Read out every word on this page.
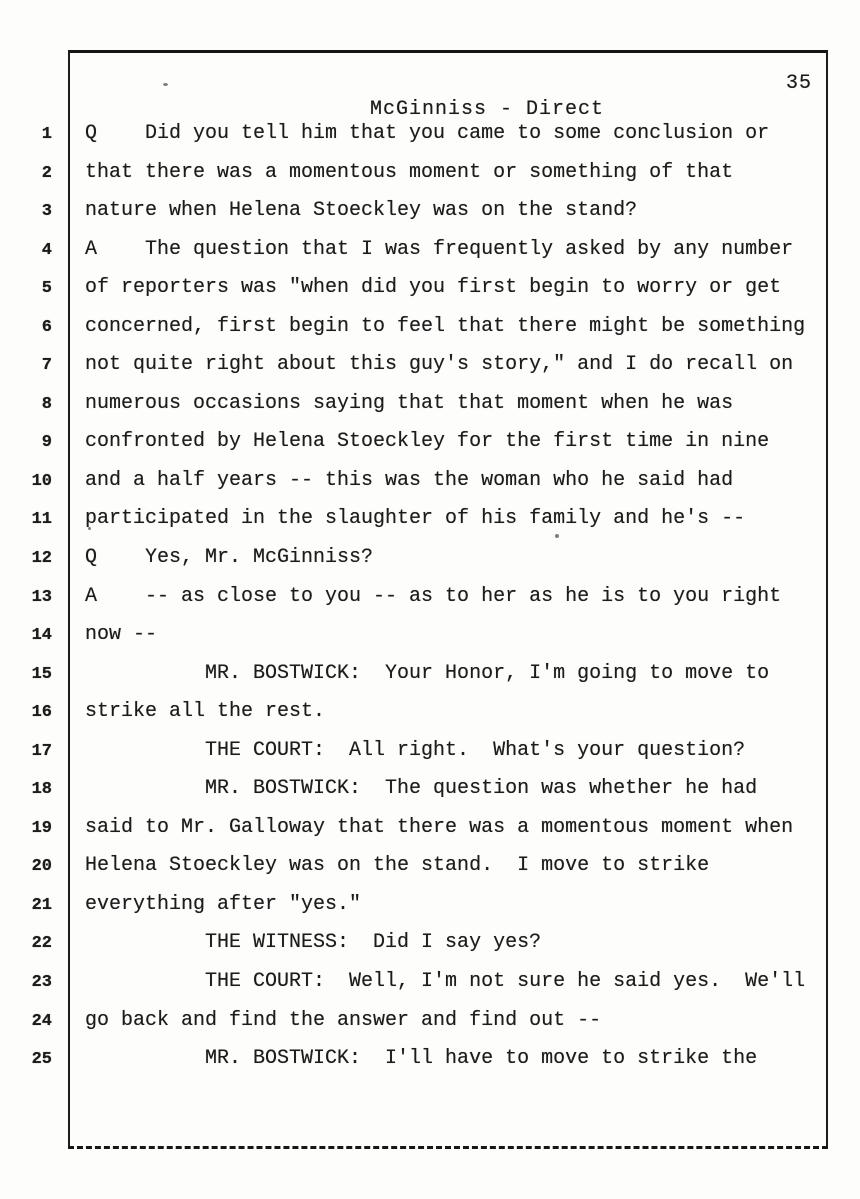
McGinniss - Direct

35

1 Q    Did you tell him that you came to some conclusion or
2 that there was a momentous moment or something of that
3 nature when Helena Stoeckley was on the stand?
4 A    The question that I was frequently asked by any number
5 of reporters was "when did you first begin to worry or get
6 concerned, first begin to feel that there might be something
7 not quite right about this guy's story," and I do recall on
8 numerous occasions saying that that moment when he was
9 confronted by Helena Stoeckley for the first time in nine
10 and a half years -- this was the woman who he said had
11 participated in the slaughter of his family and he's --
12 Q    Yes, Mr. McGinniss?
13 A    -- as close to you -- as to her as he is to you right
14 now --
15 MR. BOSTWICK:  Your Honor, I'm going to move to
16 strike all the rest.
17 THE COURT:  All right.  What's your question?
18 MR. BOSTWICK:  The question was whether he had
19 said to Mr. Galloway that there was a momentous moment when
20 Helena Stoeckley was on the stand.  I move to strike
21 everything after "yes."
22 THE WITNESS:  Did I say yes?
23 THE COURT:  Well, I'm not sure he said yes.  We'll
24 go back and find the answer and find out --
25 MR. BOSTWICK:  I'll have to move to strike the
